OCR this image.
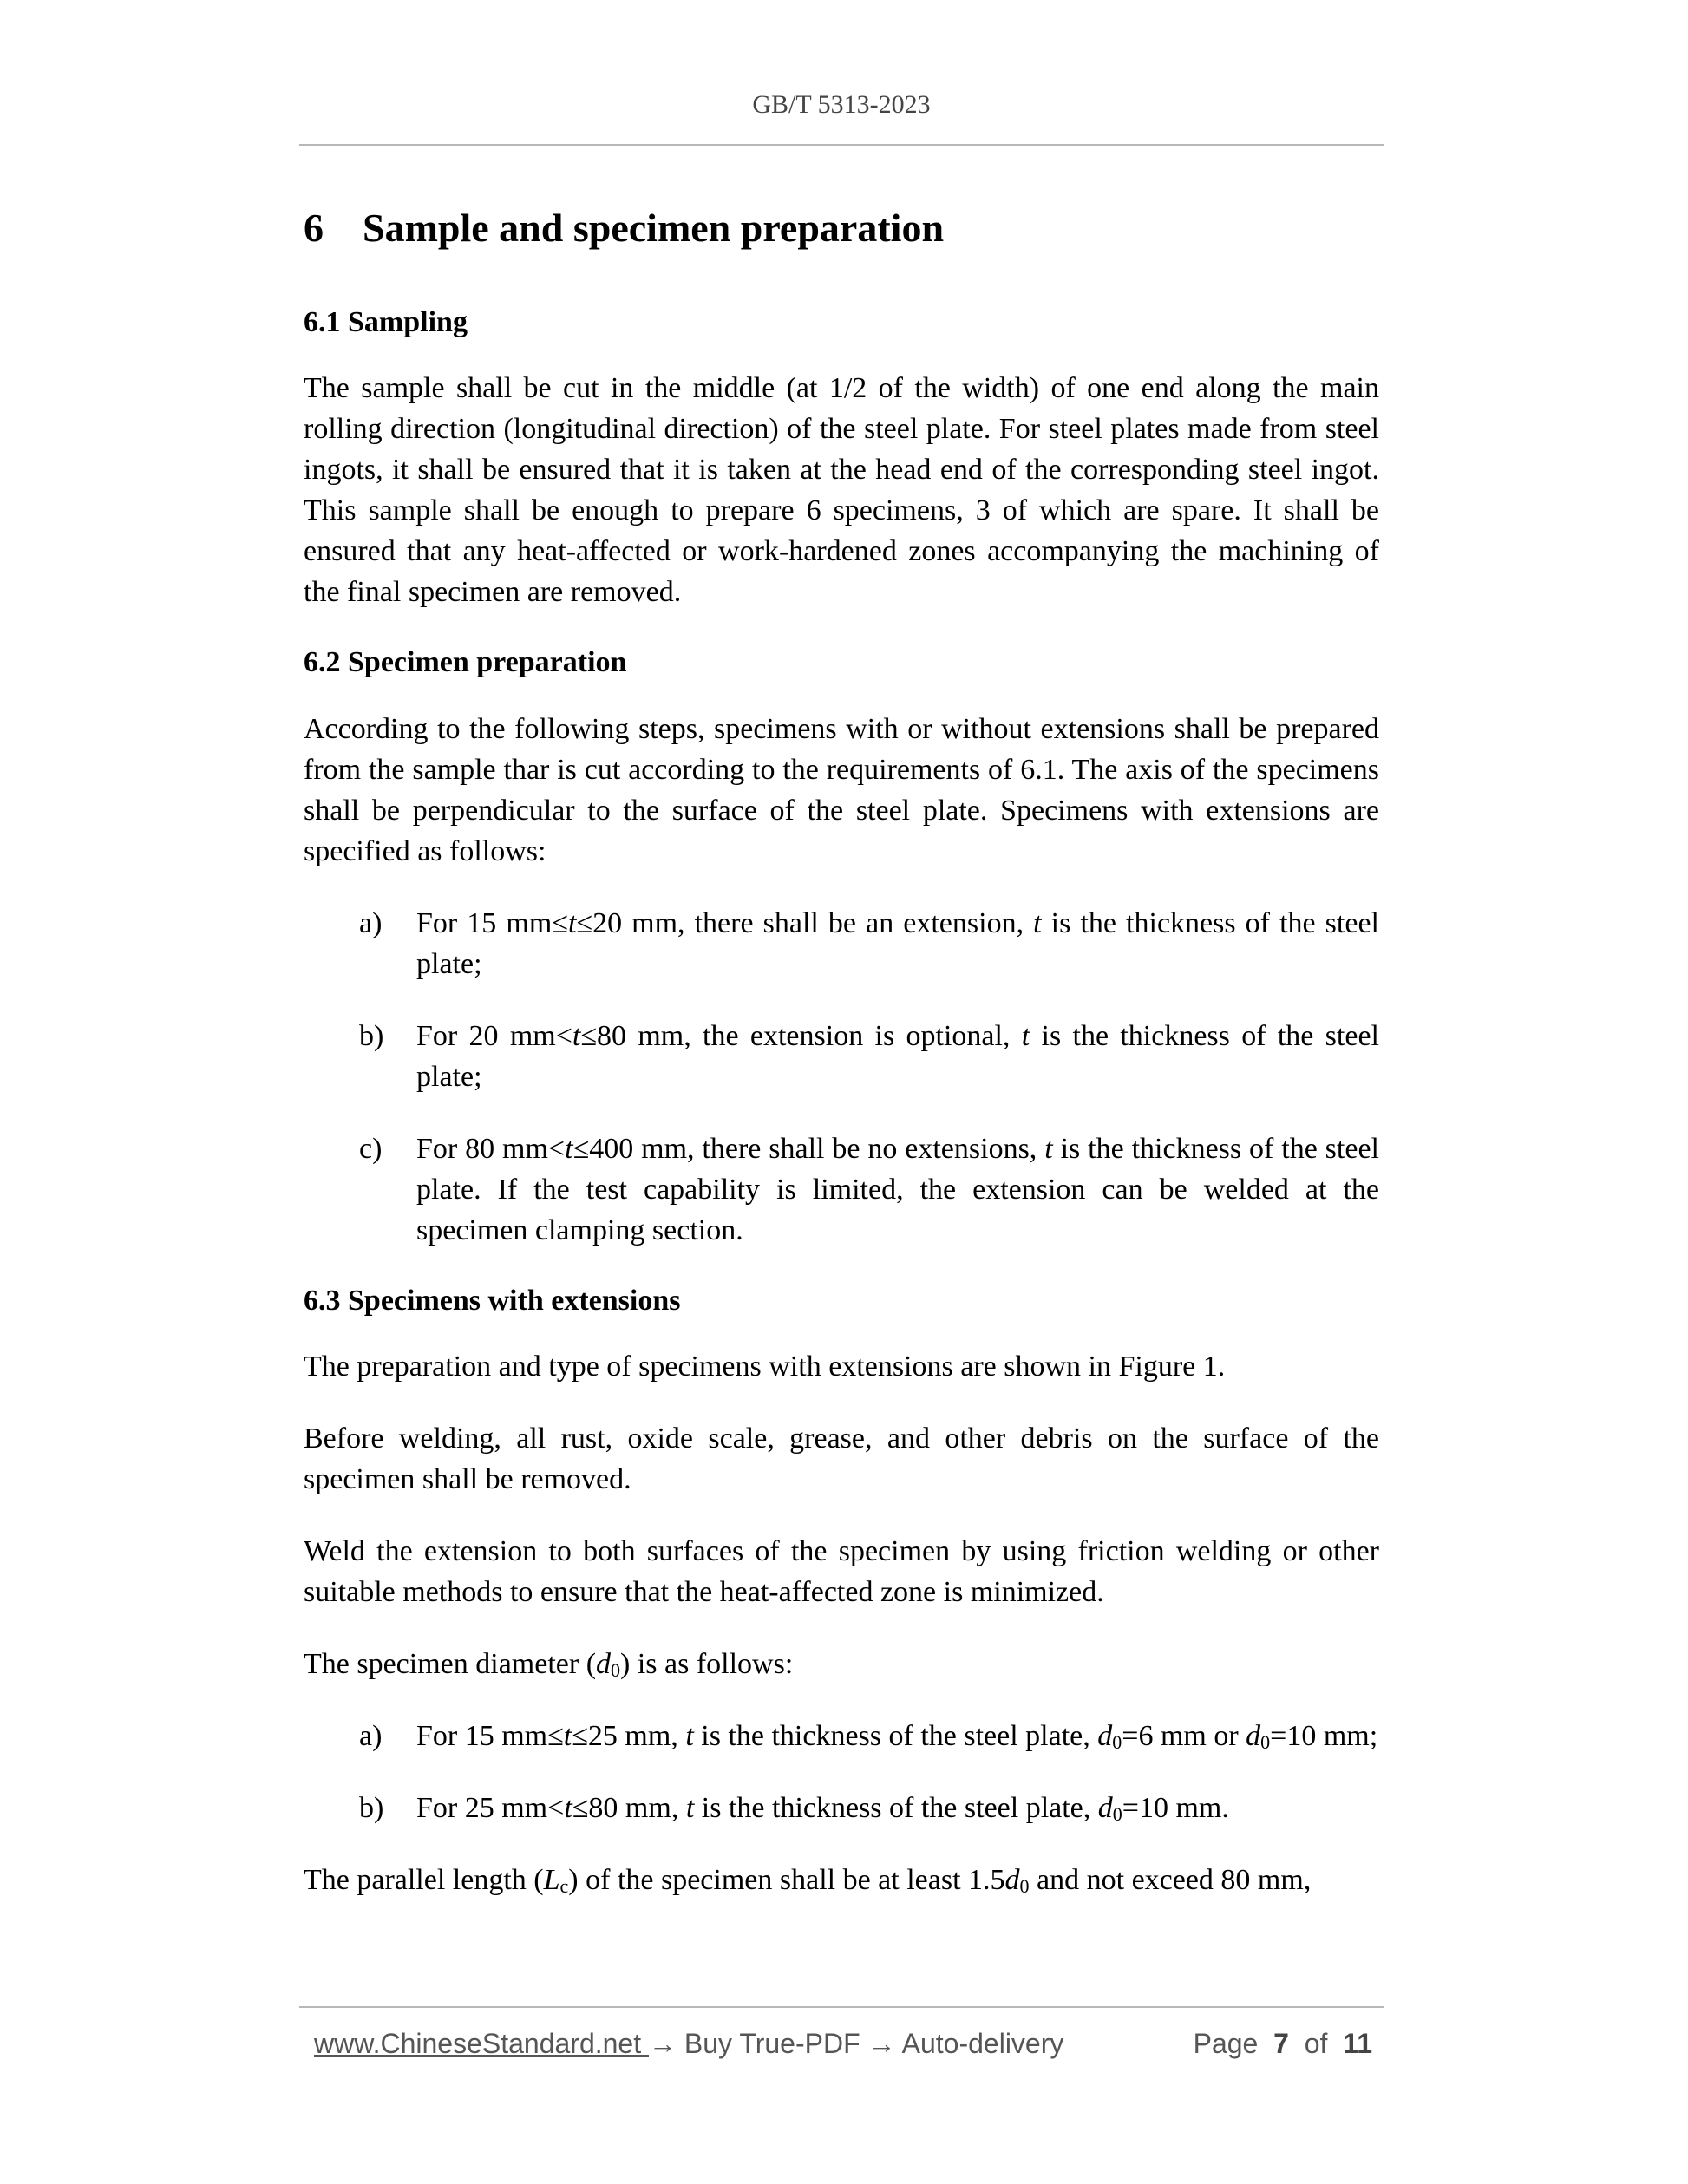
GB/T 5313-2023
6 Sample and specimen preparation
6.1 Sampling

The sample shall be cut in the middle (at 1/2 of the width) of one end along the main rolling direction (longitudinal direction) of the steel plate. For steel plates made from steel ingots, it shall be ensured that it is taken at the head end of the corresponding steel ingot. This sample shall be enough to prepare 6 specimens, 3 of which are spare. It shall be ensured that any heat-affected or work-hardened zones accompanying the machining of the final specimen are removed.

6.2 Specimen preparation

According to the following steps, specimens with or without extensions shall be prepared from the sample thar is cut according to the requirements of 6.1. The axis of the specimens shall be perpendicular to the surface of the steel plate. Specimens with extensions are specified as follows:

a)	For 15 mm≤t≤20 mm, there shall be an extension, t is the thickness of the steel plate;
b)	For 20 mm<t≤80 mm, the extension is optional, t is the thickness of the steel plate;
c)	For 80 mm<t≤400 mm, there shall be no extensions, t is the thickness of the steel plate. If the test capability is limited, the extension can be welded at the specimen clamping section.
6.3 Specimens with extensions

The preparation and type of specimens with extensions are shown in Figure 1.

Before welding, all rust, oxide scale, grease, and other debris on the surface of the specimen shall be removed.

Weld the extension to both surfaces of the specimen by using friction welding or other suitable methods to ensure that the heat-affected zone is minimized.

The specimen diameter $(d_0)$ is as follows:

a)	For 15 mm≤t≤25 mm, t is the thickness of the steel plate, $d_0=6$ mm or $d_0=10$ mm;
b)	For 25 mm<t≤80 mm, t is the thickness of the steel plate, $d_0=10$ mm.

The parallel length $(L_c)$ of the specimen shall be at least $1.5d_0$ and not exceed 80 mm,

www.ChineseStandard.net → Buy True-PDF → Auto-delivery	Page 7 of 11
